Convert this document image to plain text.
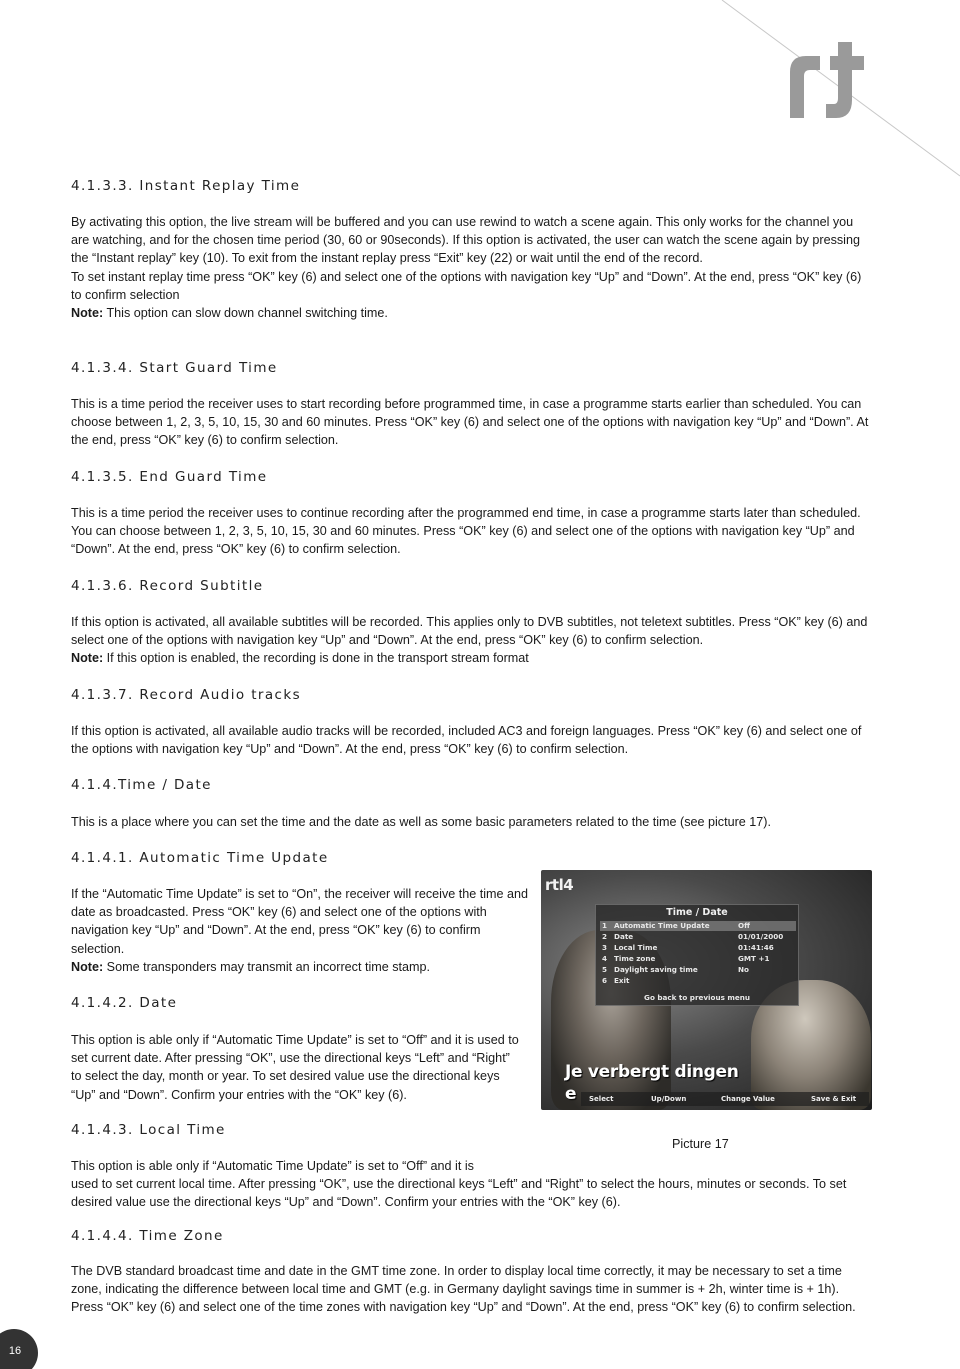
4.1.3.3. Instant Replay Time

By activating this option, the live stream will be buffered and you can use rewind to watch a scene again. This only works for the channel you are watching, and for the chosen time period (30, 60 or 90seconds). If this option is activated, the user can watch the scene again by pressing the “Instant replay” key (10). To exit from the instant replay press “Exit” key (22) or wait until the end of the record.

To set instant replay time press “OK” key (6) and select one of the options with navigation key “Up” and “Down”. At the end, press “OK” key (6) to confirm selection

Note: This option can slow down channel switching time.

4.1.3.4. Start Guard Time

This is a time period the receiver uses to start recording before programmed time, in case a programme starts earlier than scheduled. You can choose between 1, 2, 3, 5, 10, 15, 30 and 60 minutes. Press “OK” key (6) and select one of the options with navigation key “Up” and “Down”. At the end, press “OK” key (6) to confirm selection.

4.1.3.5. End Guard Time

This is a time period the receiver uses to continue recording after the programmed end time, in case a programme starts later than scheduled. You can choose between 1, 2, 3, 5, 10, 15, 30 and 60 minutes. Press “OK” key (6) and select one of the options with navigation key “Up” and “Down”. At the end, press “OK” key (6) to confirm selection.

4.1.3.6. Record Subtitle

If this option is activated, all available subtitles will be recorded. This applies only to DVB subtitles, not teletext subtitles. Press “OK” key (6) and select one of the options with navigation key “Up” and “Down”. At the end, press “OK” key (6) to confirm selection.

Note: If this option is enabled, the recording is done in the transport stream format

4.1.3.7. Record Audio tracks

If this option is activated, all available audio tracks will be recorded, included AC3 and foreign languages. Press “OK” key (6) and select one of the options with navigation key “Up” and “Down”. At the end, press “OK” key (6) to confirm selection.

4.1.4.Time / Date

This is a place where you can set the time and the date as well as some basic parameters related to the time (see picture 17).

4.1.4.1. Automatic Time Update

If the “Automatic Time Update” is set to “On”, the receiver will receive the time and date as broadcasted. Press “OK” key (6) and select one of the options with navigation key “Up” and “Down”. At the end, press “OK” key (6) to confirm selection.

Note: Some transponders may transmit an incorrect time stamp.

4.1.4.2. Date

This option is able only if “Automatic Time Update” is set to “Off” and it is used to set current date. After pressing “OK”, use the directional keys “Left” and “Right” to select the day, month or year. To set desired value use the directional keys “Up” and “Down”. Confirm your entries with the “OK” key (6).

4.1.4.3. Local Time

This option is able only if “Automatic Time Update” is set to “Off” and it is

used to set current local time. After pressing “OK”, use the directional keys “Left” and “Right” to select the hours, minutes or seconds. To set desired value use the directional keys “Up” and “Down”. Confirm your entries with the “OK” key (6).

4.1.4.4. Time Zone

The DVB standard broadcast time and date in the GMT time zone. In order to display local time correctly, it may be necessary to set a time zone, indicating the difference between local time and GMT (e.g. in Germany daylight savings time in summer is + 2h, winter time is + 1h). Press “OK” key (6) and select one of the time zones with navigation key “Up” and “Down”. At the end, press “OK” key (6) to confirm selection.

rtl4
Time / Date
1 Automatic Time Update	Off
2 Date	01/01/2000
3 Local Time	01:41:46
4 Time zone	GMT +1
5 Daylight saving time	No
6 Exit
Go back to previous menu
Je verbergt dingen
e Select	Up/Down	Change Value	Save & Exit
Picture 17
16
